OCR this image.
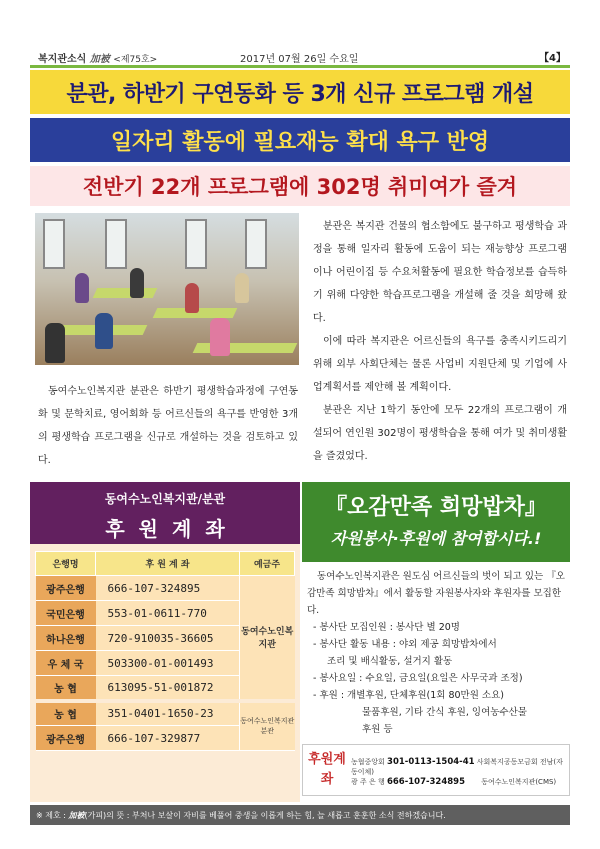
복지관소식 加被 <제75호>	2017년 07월 26일 수요일	【4】
분관, 하반기 구연동화 등 3개 신규 프로그램 개설
일자리 활동에 필요재능 확대 욕구 반영
전반기 22개 프로그램에 302명 취미여가 즐겨

동여수노인복지관 분관은 하반기 평생학습과정에 구연동화 및 문학치료, 영어회화 등 어르신들의 욕구를 반영한 3개의 평생학습 프로그램을 신규로 개설하는 것을 검토하고 있다.

분관은 복지관 건물의 협소함에도 불구하고 평생학습 과정을 통해 일자리 활동에 도움이 되는 재능향상 프로그램이나 어린이집 등 수요처활동에 필요한 학습정보를 습득하기 위해 다양한 학습프로그램을 개설해 줄 것을 희망해 왔다.

이에 따라 복지관은 어르신들의 욕구를 충족시키드리기 위해 외부 사회단체는 물론 사업비 지원단체 및 기업에 사업계획서를 제안해 볼 계획이다.

분관은 지난 1학기 동안에 모두 22개의 프로그램이 개설되어 연인원 302명이 평생학습을 통해 여가 및 취미생활을 즐겼었다.

동여수노인복지관/분관
후원계좌
은행명	후 원 계 좌	예금주
광주은행	666-107-324895	동여수노인복지관
국민은행	553-01-0611-770	
하나은행	720-910035-36605	
우 체 국	503300-01-001493	
농 협	613095-51-001872	
농 협	351-0401-1650-23	동여수노인복지관분관
광주은행	666-107-329877	
『오감만족 희망밥차』
자원봉사·후원에 참여합시다.!

동여수노인복지관은 원도심 어르신들의 벗이 되고 있는 『오감만족 희망밥차』에서 활동할 자원봉사자와 후원자를 모집한다.

- 봉사단 모집인원 : 봉사단 별 20명
- 봉사단 활동 내용 : 야외 제공 희망밥차에서
조리 및 배식활동, 설거지 활동
- 봉사요일 : 수요일, 금요일(요일은 사무국과 조정)
- 후원 : 개별후원, 단체후원(1회 80만원 소요)
물품후원, 기타 간식 후원, 잉여농수산물
후원 등
후원계좌
농협중앙회 301-0113-1504-41 사회복지공동모금회 전남(자동이체)
광 주 은 행 666-107-324895 동여수노인복지관(CMS)
※ 제호 : 加被(가피)의 뜻 : 부처나 보살이 자비를 베풀어 중생을 이롭게 하는 힘, 늘 새롭고 훈훈한 소식 전하겠습니다.
